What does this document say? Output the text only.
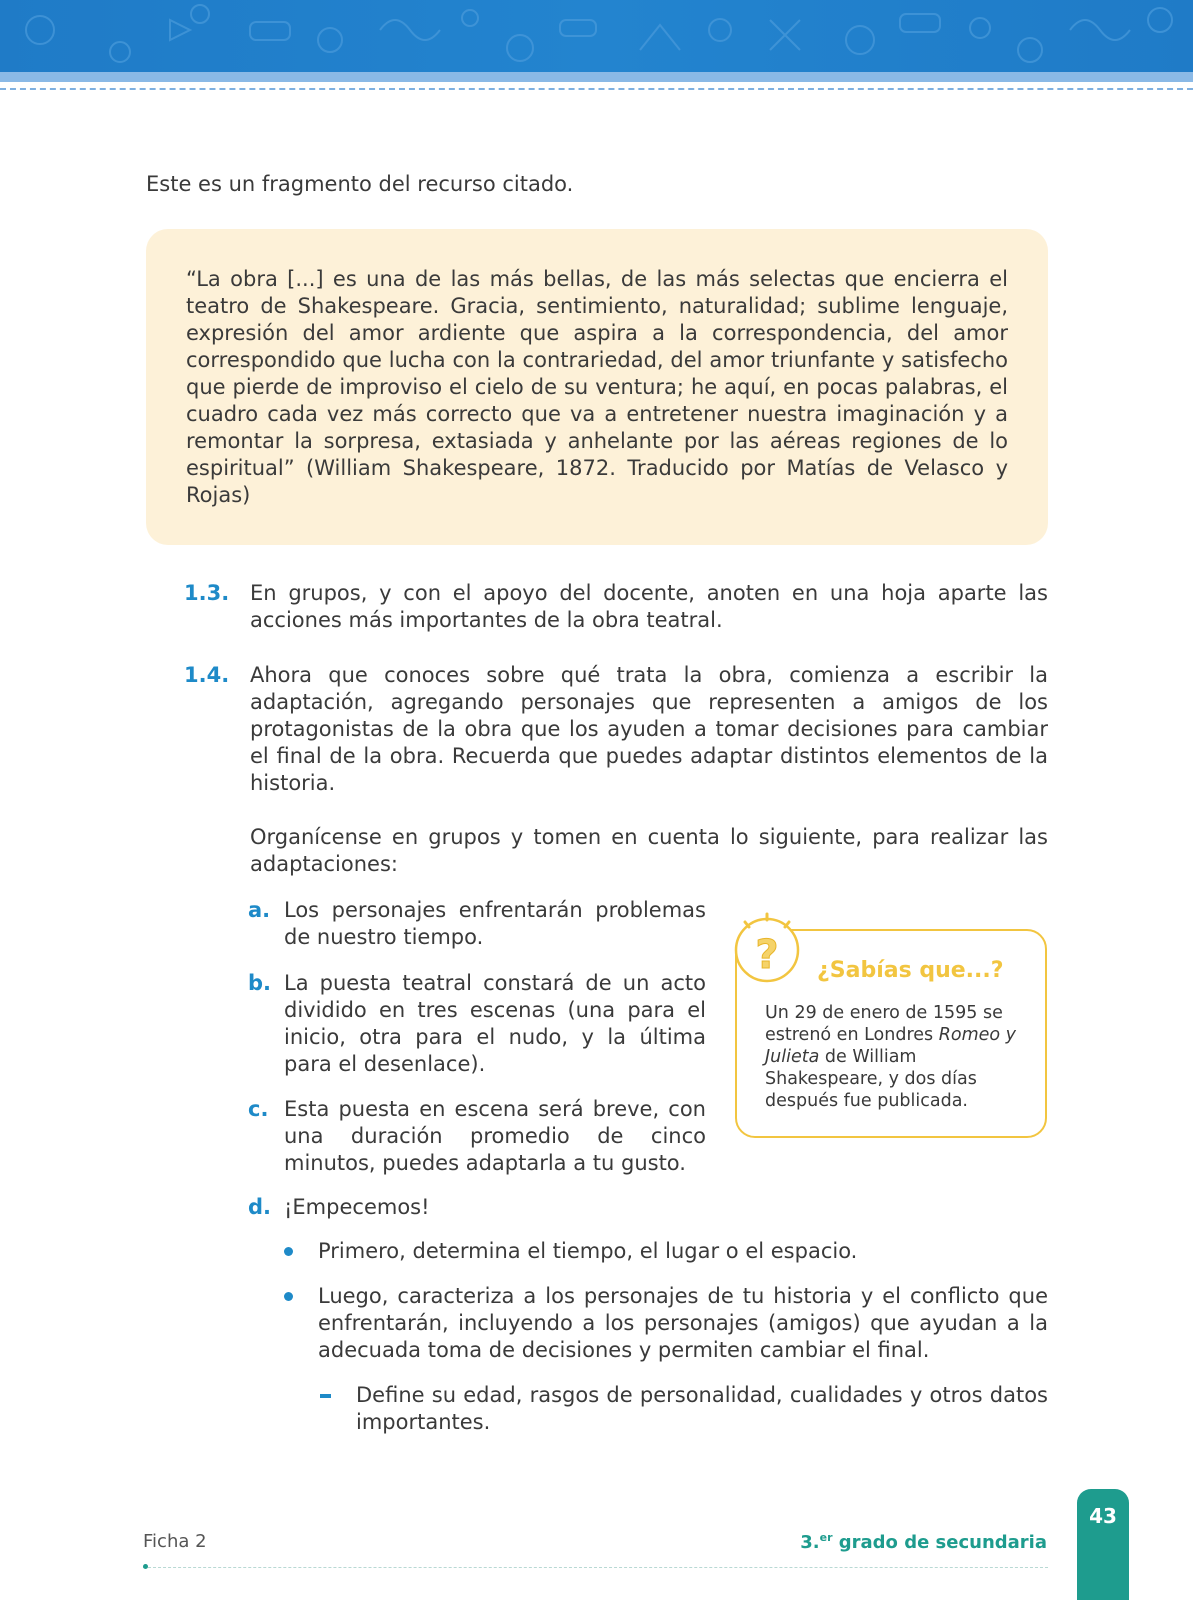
Este es un fragmento del recurso citado.

“La obra [...] es una de las más bellas, de las más selectas que encierra el teatro de Shakespeare. Gracia, sentimiento, naturalidad; sublime lenguaje, expresión del amor ardiente que aspira a la correspondencia, del amor correspondido que lucha con la contrariedad, del amor triunfante y satisfecho que pierde de improviso el cielo de su ventura; he aquí, en pocas palabras, el cuadro cada vez más correcto que va a entretener nuestra imaginación y a remontar la sorpresa, extasiada y anhelante por las aéreas regiones de lo espiritual” (William Shakespeare, 1872. Traducido por Matías de Velasco y Rojas)

1.3. En grupos, y con el apoyo del docente, anoten en una hoja aparte las acciones más importantes de la obra teatral.
1.4. Ahora que conoces sobre qué trata la obra, comienza a escribir la adaptación, agregando personajes que representen a amigos de los protagonistas de la obra que los ayuden a tomar decisiones para cambiar el final de la obra. Recuerda que puedes adaptar distintos elementos de la historia.
Organícense en grupos y tomen en cuenta lo siguiente, para realizar las adaptaciones:
a. Los personajes enfrentarán problemas de nuestro tiempo.
b. La puesta teatral constará de un acto dividido en tres escenas (una para el inicio, otra para el nudo, y la última para el desenlace).
c. Esta puesta en escena será breve, con una duración promedio de cinco minutos, puedes adaptarla a tu gusto.
d. ¡Empecemos!
Primero, determina el tiempo, el lugar o el espacio.
Luego, caracteriza a los personajes de tu historia y el conflicto que enfrentarán, incluyendo a los personajes (amigos) que ayudan a la adecuada toma de decisiones y permiten cambiar el final.
Define su edad, rasgos de personalidad, cualidades y otros datos importantes.
? ¿Sabías que...?
Un 29 de enero de 1595 se estrenó en Londres Romeo y Julieta de William Shakespeare, y dos días después fue publicada.
Ficha 2	3.$^{er}$ grado de secundaria
43
